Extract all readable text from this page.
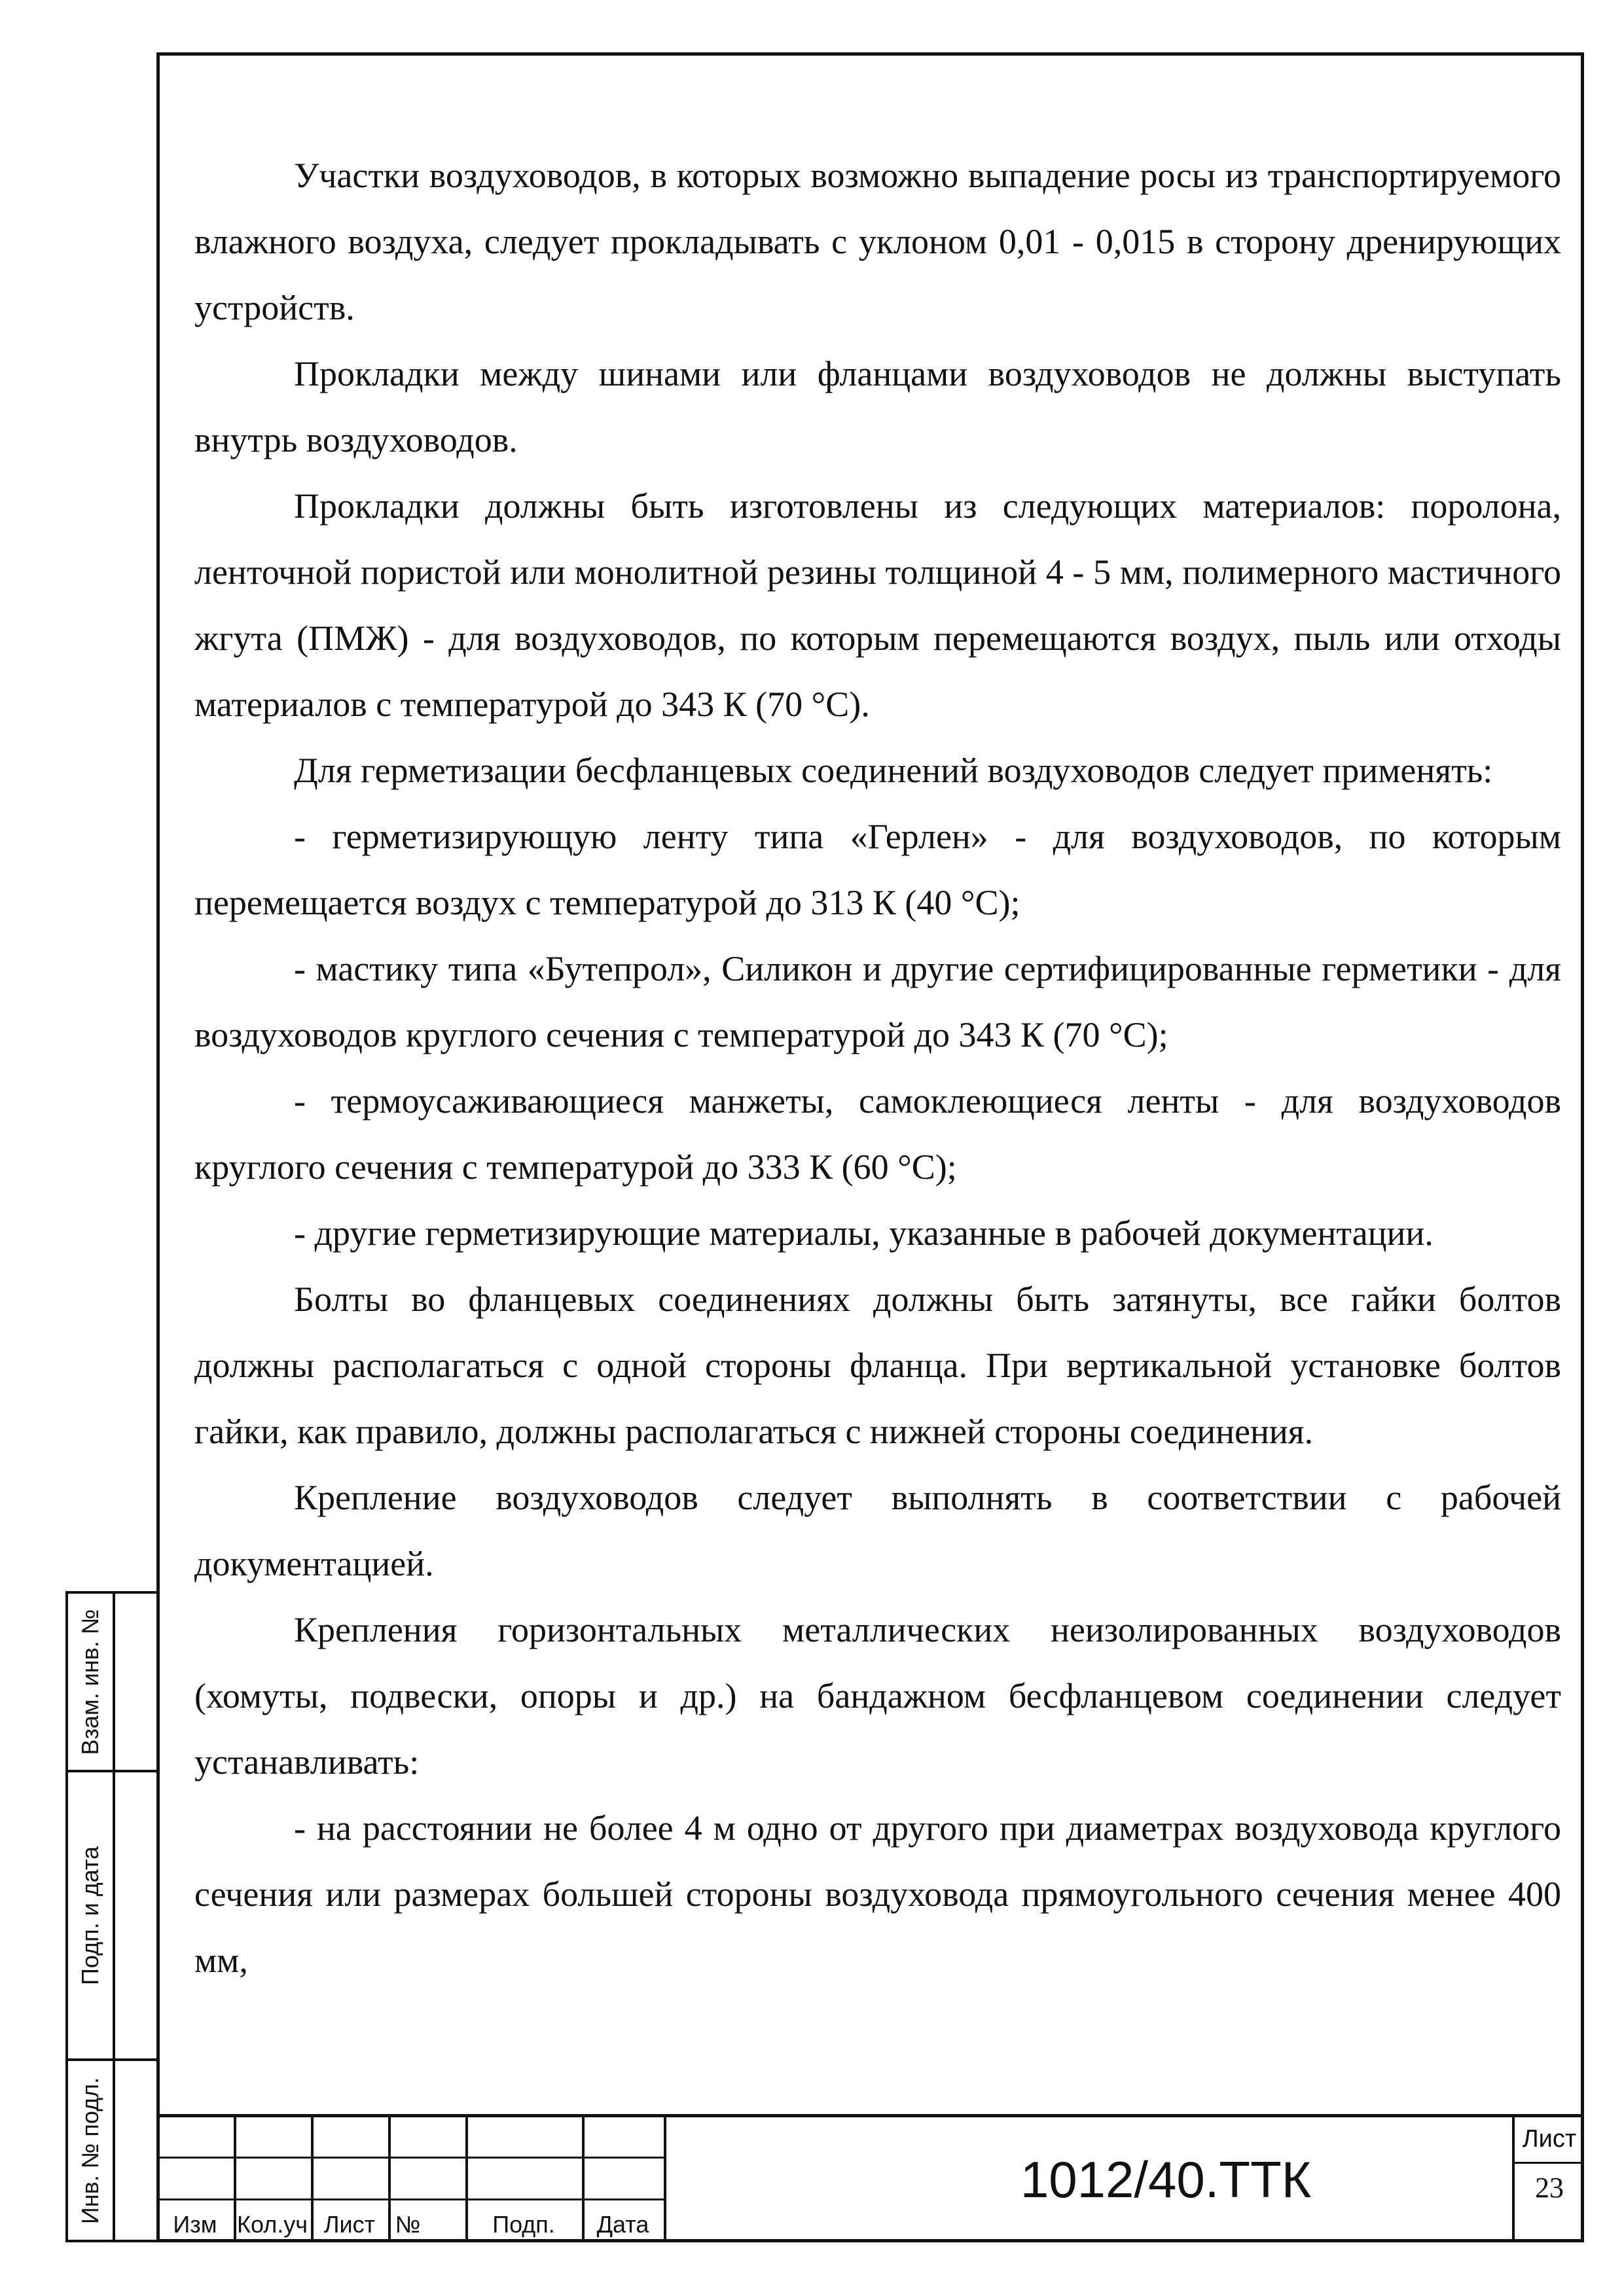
Участки воздуховодов, в которых возможно выпадение росы из транспортируемого влажного воздуха, следует прокладывать с уклоном 0,01 - 0,015 в сторону дренирующих устройств.

Прокладки между шинами или фланцами воздуховодов не должны выступать внутрь воздуховодов.

Прокладки должны быть изготовлены из следующих материалов: поролона, ленточной пористой или монолитной резины толщиной 4 - 5 мм, полимерного мастичного жгута (ПМЖ) - для воздуховодов, по которым перемещаются воздух, пыль или отходы материалов с температурой до 343 К (70 °С).

Для герметизации бесфланцевых соединений воздуховодов следует применять:

- герметизирующую ленту типа «Герлен» - для воздуховодов, по которым перемещается воздух с температурой до 313 К (40 °С);

- мастику типа «Бутепрол», Силикон и другие сертифицированные герметики - для воздуховодов круглого сечения с температурой до 343 К (70 °С);

- термоусаживающиеся манжеты, самоклеющиеся ленты - для воздуховодов круглого сечения с температурой до 333 К (60 °С);

- другие герметизирующие материалы, указанные в рабочей документации.

Болты во фланцевых соединениях должны быть затянуты, все гайки болтов должны располагаться с одной стороны фланца. При вертикальной установке болтов гайки, как правило, должны располагаться с нижней стороны соединения.

Крепление воздуховодов следует выполнять в соответствии с рабочей документацией.

Крепления горизонтальных металлических неизолированных воздуховодов (хомуты, подвески, опоры и др.) на бандажном бесфланцевом соединении следует устанавливать:

- на расстоянии не более 4 м одно от другого при диаметрах воздуховода круглого сечения или размерах большей стороны воздуховода прямоугольного сечения менее 400 мм,

Взам. инв. №
Подп. и дата
Инв. № подл.
Изм Кол.уч Лист №	Подп.	Дата
1012/40.ТТК
Лист
23
